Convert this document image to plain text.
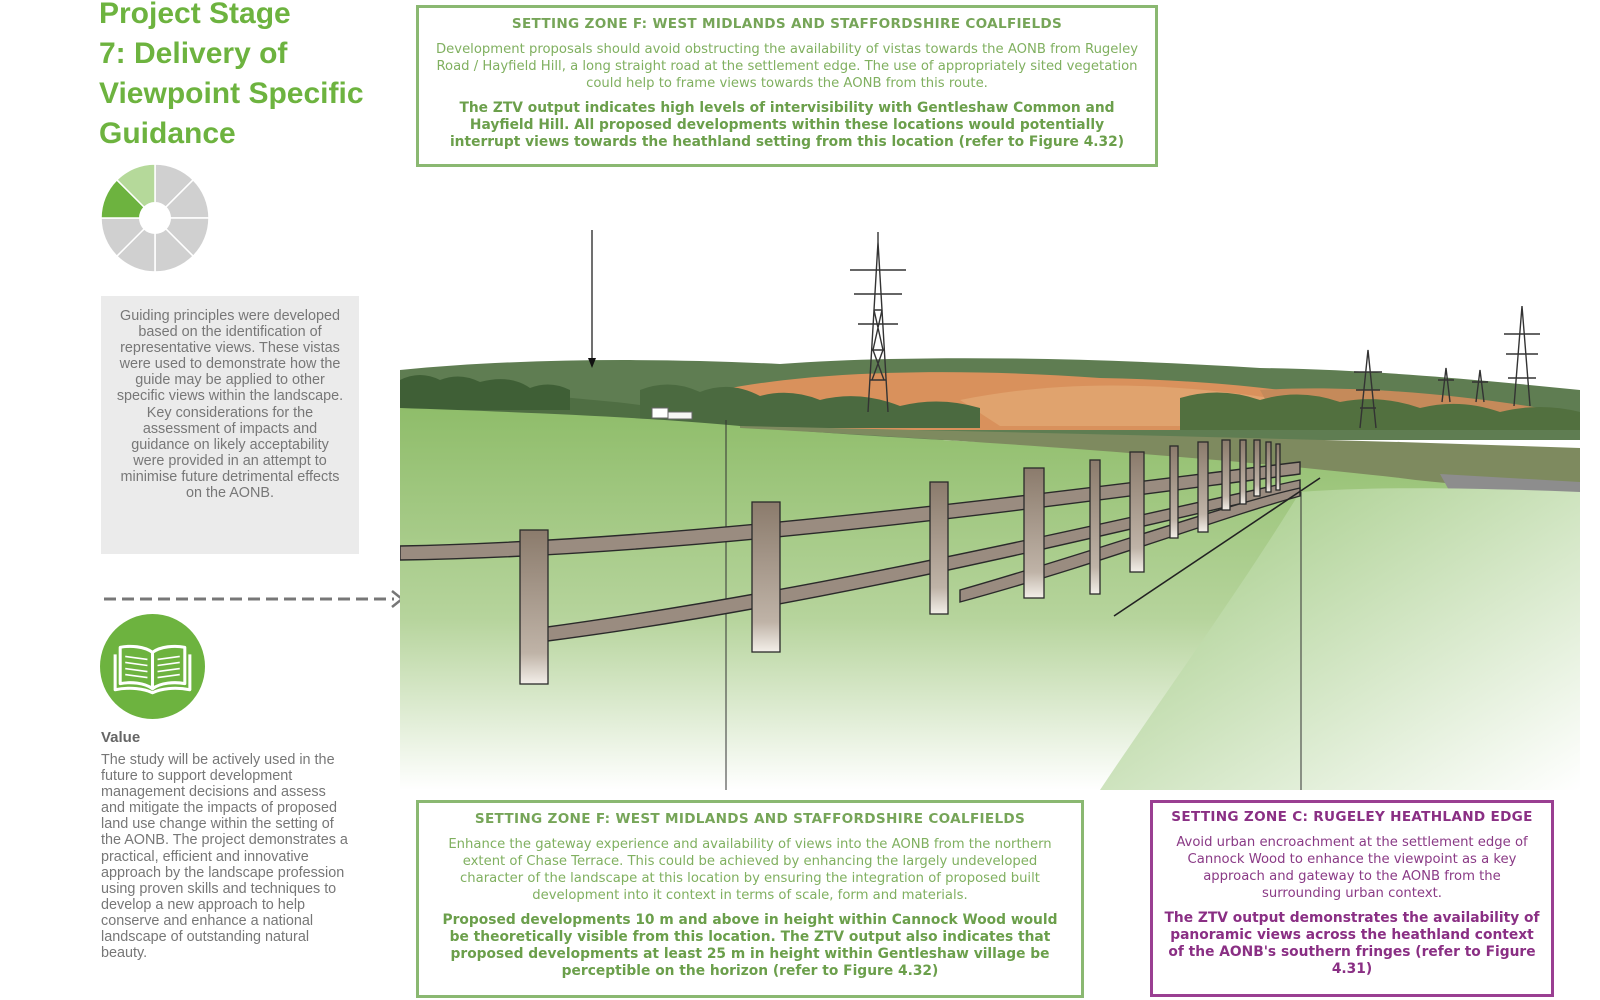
Project Stage
7: Delivery of
Viewpoint Specific
Guidance
Guiding principles were developed based on the identification of representative views. These vistas were used to demonstrate how the guide may be applied to other specific views within the landscape. Key considerations for the assessment of impacts and guidance on likely acceptability were provided in an attempt to minimise future detrimental effects on the AONB.
Value
The study will be actively used in the future to support development management decisions and assess and mitigate the impacts of proposed land use change within the setting of the AONB. The project demonstrates a practical, efficient and innovative approach by the landscape profession using proven skills and techniques to develop a new approach to help conserve and enhance a national landscape of outstanding natural beauty.
SETTING ZONE F: WEST MIDLANDS AND STAFFORDSHIRE COALFIELDS
Development proposals should avoid obstructing the availability of vistas towards the AONB from Rugeley Road / Hayfield Hill, a long straight road at the settlement edge. The use of appropriately sited vegetation could help to frame views towards the AONB from this route.
The ZTV output indicates high levels of intervisibility with Gentleshaw Common and Hayfield Hill. All proposed developments within these locations would potentially interrupt views towards the heathland setting from this location (refer to Figure 4.32)
SETTING ZONE F: WEST MIDLANDS AND STAFFORDSHIRE COALFIELDS
Enhance the gateway experience and availability of views into the AONB from the northern extent of Chase Terrace. This could be achieved by enhancing the largely undeveloped character of the landscape at this location by ensuring the integration of proposed built development into it context in terms of scale, form and materials.
Proposed developments 10 m and above in height within Cannock Wood would be theoretically visible from this location. The ZTV output also indicates that proposed developments at least 25 m in height within Gentleshaw village be perceptible on the horizon (refer to Figure 4.32)
SETTING ZONE C: RUGELEY HEATHLAND EDGE
Avoid urban encroachment at the settlement edge of Cannock Wood to enhance the viewpoint as a key approach and gateway to the AONB from the surrounding urban context.
The ZTV output demonstrates the availability of panoramic views across the heathland context of the AONB's southern fringes (refer to Figure 4.31)
